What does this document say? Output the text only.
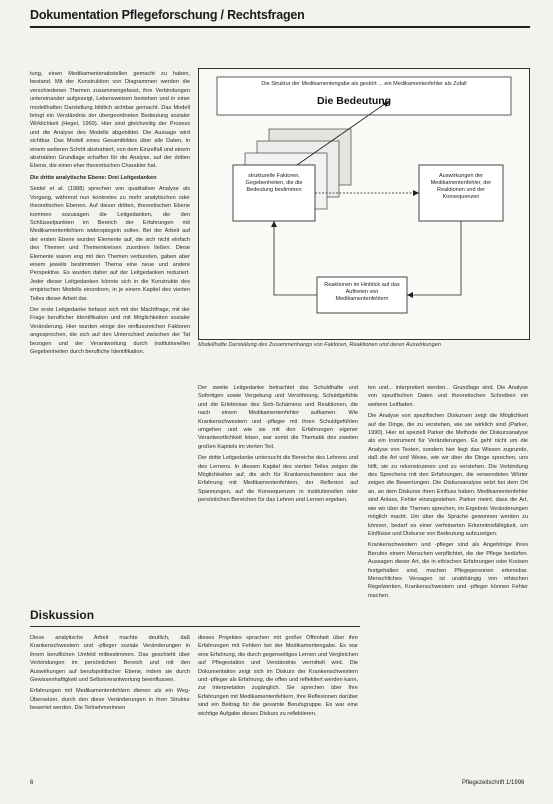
Dokumentation Pflegeforschung / Rechtsfragen

tung, einen Medikamentenabstellen gemacht zu haben, bestand. Mit der Konstruktion von Diagrammen werden die verschiedenen Themen zusammengefasst, ihre Verbindungen untereinander aufgezeigt, Lebensweisen bestehen und in einer modellhaften Darstellung bildlich sichtbar gemacht. Das Modell bringt ein Verständnis der übergeordneten Bedeutung sozialer Wirklichkeit (Hegel, 1969). Hier sind gleichzeitig der Prozess und die Analyse des Modells abgebildet. Die Aussage wird sichtbar. Das Modell eines Gesamtbildes über alle Daten, in einem weiteren Schritt abstrahiert, von dem Einzelfall und einem abstrakten Grundlage schaffen für die Analyse, auf der dritten Ebene, die einen eher theoretischen Charakter hat.

Die dritte analytische Ebene: Drei Leitgedanken

Seidel et al. (1988) sprechen von qualitativer Analyse als Vorgang, während nun konkretes zu mehr analytischen oder theoretischen Ebenen. Auf dieser dritten, theoretischen Ebene kommen sozusagen die Leitgedanken, die den Schlüsselpunkten im Bereich der Erfahrungen mit Medikamentenfehlern widerspiegeln sollen. Bei der Arbeit auf der ersten Ebene wurden Elemente auf, die sich nicht einfach den Themen und Themenkreisen zuordnen ließen. Diese Elemente waren eng mit den Themen verbunden, gaben aber einem jeweils bestimmten Thema eine neue und andere Perspektive. Es wurden daher auf der Leitgedanken reduziert. Jeder dieser Leitgedanken könnte sich in die Konstrukte des empirischen Modells einordnen, in je einem Kapitel des vierten Teiles dieser Arbeit dar.

Der erste Leitgedanke befasst sich mit der Machtfrage, mit der Frage beruflicher Identifikation und mit Möglichkeiten sozialer Veränderung. Hier wurden einige der einflussreichen Faktoren angesprochen, die sich auf den Unterschied zwischen der Tat bezogen und der Verantwortung durch institutionellen Gegebenheiten durch berufliche Identifikation.

Die Struktur der Medikamentengabe als gestört ... ein Medikamentenfehler als Zufall
Die Bedeutung
strukturelle Faktoren, Gegebenheiten, die die Bedeutung bestimmen
Auswirkungen der Medikamentenfehler, der Reaktionen und der Konsequenzen
Reaktionen im Hinblick auf das Auftreten von Medikamentenfehlern
Modellhafte Darstellung des Zusammenhangs von Faktoren, Reaktionen und deren Auswirkungen

Der zweite Leitgedanke betrachtet das Schuldhafte und Sofortigen sowie Vergebung und Versöhnung, Schuldgefühle und die Erlebnisse des Sich-Schämens und Reaktionen, die nach einem Medikamentenfehler aufkamen. Wie Krankenschwestern und -pfleger mit ihren Schuldgefühlen umgehen und wie sie mit den Erfahrungen eigener Verantwortlichkeit leben, war somit die Thematik des zweiten großen Kapitels im vierten Teil.

Der dritte Leitgedanke untersucht die Bereiche des Lehrens und des Lernens. In diesem Kapitel des vierten Teiles zeigen die Möglichkeiten auf, die sich für Krankenschwestern aus der Erfahrung mit Medikamentenfehlern, der Reflexion auf Spannungen, auf die Konsequenzen in institutionellen oder persönlichen Bereichen für das Lehren und Lernen ergeben.

ten und... interpretiert werden... Grundlage sind. Die Analyse von spezifischen Daten und theoretischen Schreiben ein weiterer Leitfaden.

Die Analyse von spezifischen Diskursen zeigt die Möglichkeit auf die Dinge, die zu verstehen, wie sie wirklich sind (Parker, 1990). Hier ist speziell Parker die Methode der Diskursanalyse als ein Instrument für Veränderungen. Es geht nicht um die Analyse von Texten, sondern hier liegt das Wissen zugrunde, daß die Art und Weise, wie wir über die Dinge sprechen, uns hilft, sie zu rekonstruieren und zu verstehen. Die Verbindung des Sprechens mit den Erfahrungen, die verwendeten Wörter zeigen die Bewertungen. Die Diskursanalyse setzt bei dem Ort an, an dem Diskurse ihren Einfluss haben. Medikamentenfehler sind Anlass, Fehler einzugestehen. Parker meint, dass die Art, wie wir über die Themen sprechen, im Ergebnis Veränderungen möglich macht. Um über die Sprache gewonnen werden zu können, bedarf es einer verfeinerten Erkenntnisfähigkeit, um Einflüsse und Diskurse von Bedeutung aufzuzeigen.

Krankenschwestern und -pfleger sind als Angehörige ihres Berufes einem Menschen verpflichtet, die der Pflege bedürfen. Aussagen dieser Art, die in ethischen Erfahrungen oder Kreisen festgehalten sind, machen Pflegepersonen erkennbar. Menschliches Versagen ist unabhängig von ethischen Regelwerken, Krankenschwestern und -pfleger können Fehler machen.

Diskussion

Diese analytische Arbeit machte deutlich, daß Krankenschwestern und -pfleger soziale Veränderungen in ihrem beruflichen Umfeld mitbestimmen. Das geschieht über Verbindungen im persönlichen Bereich und mit den Auswirkungen auf berufspolitischer Ebene, indem sie durch Gewissenhaftigkeit und Selbstverantwortung beeinflussen.

Erfahrungen mit Medikamentenfehlern dienen als ein Weg-Übersetzer, durch den diese Veränderungen in ihrer Struktur bewertet werden. Die Teilnehmerinnen

dieses Projektes sprachen mit großer Offenheit über ihre Erfahrungen mit Fehlern bei der Medikamentengabe. Es war eine Erfahrung, die durch gegenseitiges Lernen und Vergleichen auf Pflegestation und Verständnis vermittelt wird. Die Dokumentation zeigt sich im Diskurs der Krankenschwestern und -pfleger als Erfahrung, die offen und reflektiert werden kann, zur Interpretation zugänglich. Sie sprechen über Ihre Erfahrungen mit Medikamentenfehlern, ihre Reflexionen darüber sind ein Beitrag für die gesamte Berufsgruppe. Es war eine wichtige Aufgabe dieses Diskurs zu reflektieren.

6	Pflegezeitschrift 1/1996
